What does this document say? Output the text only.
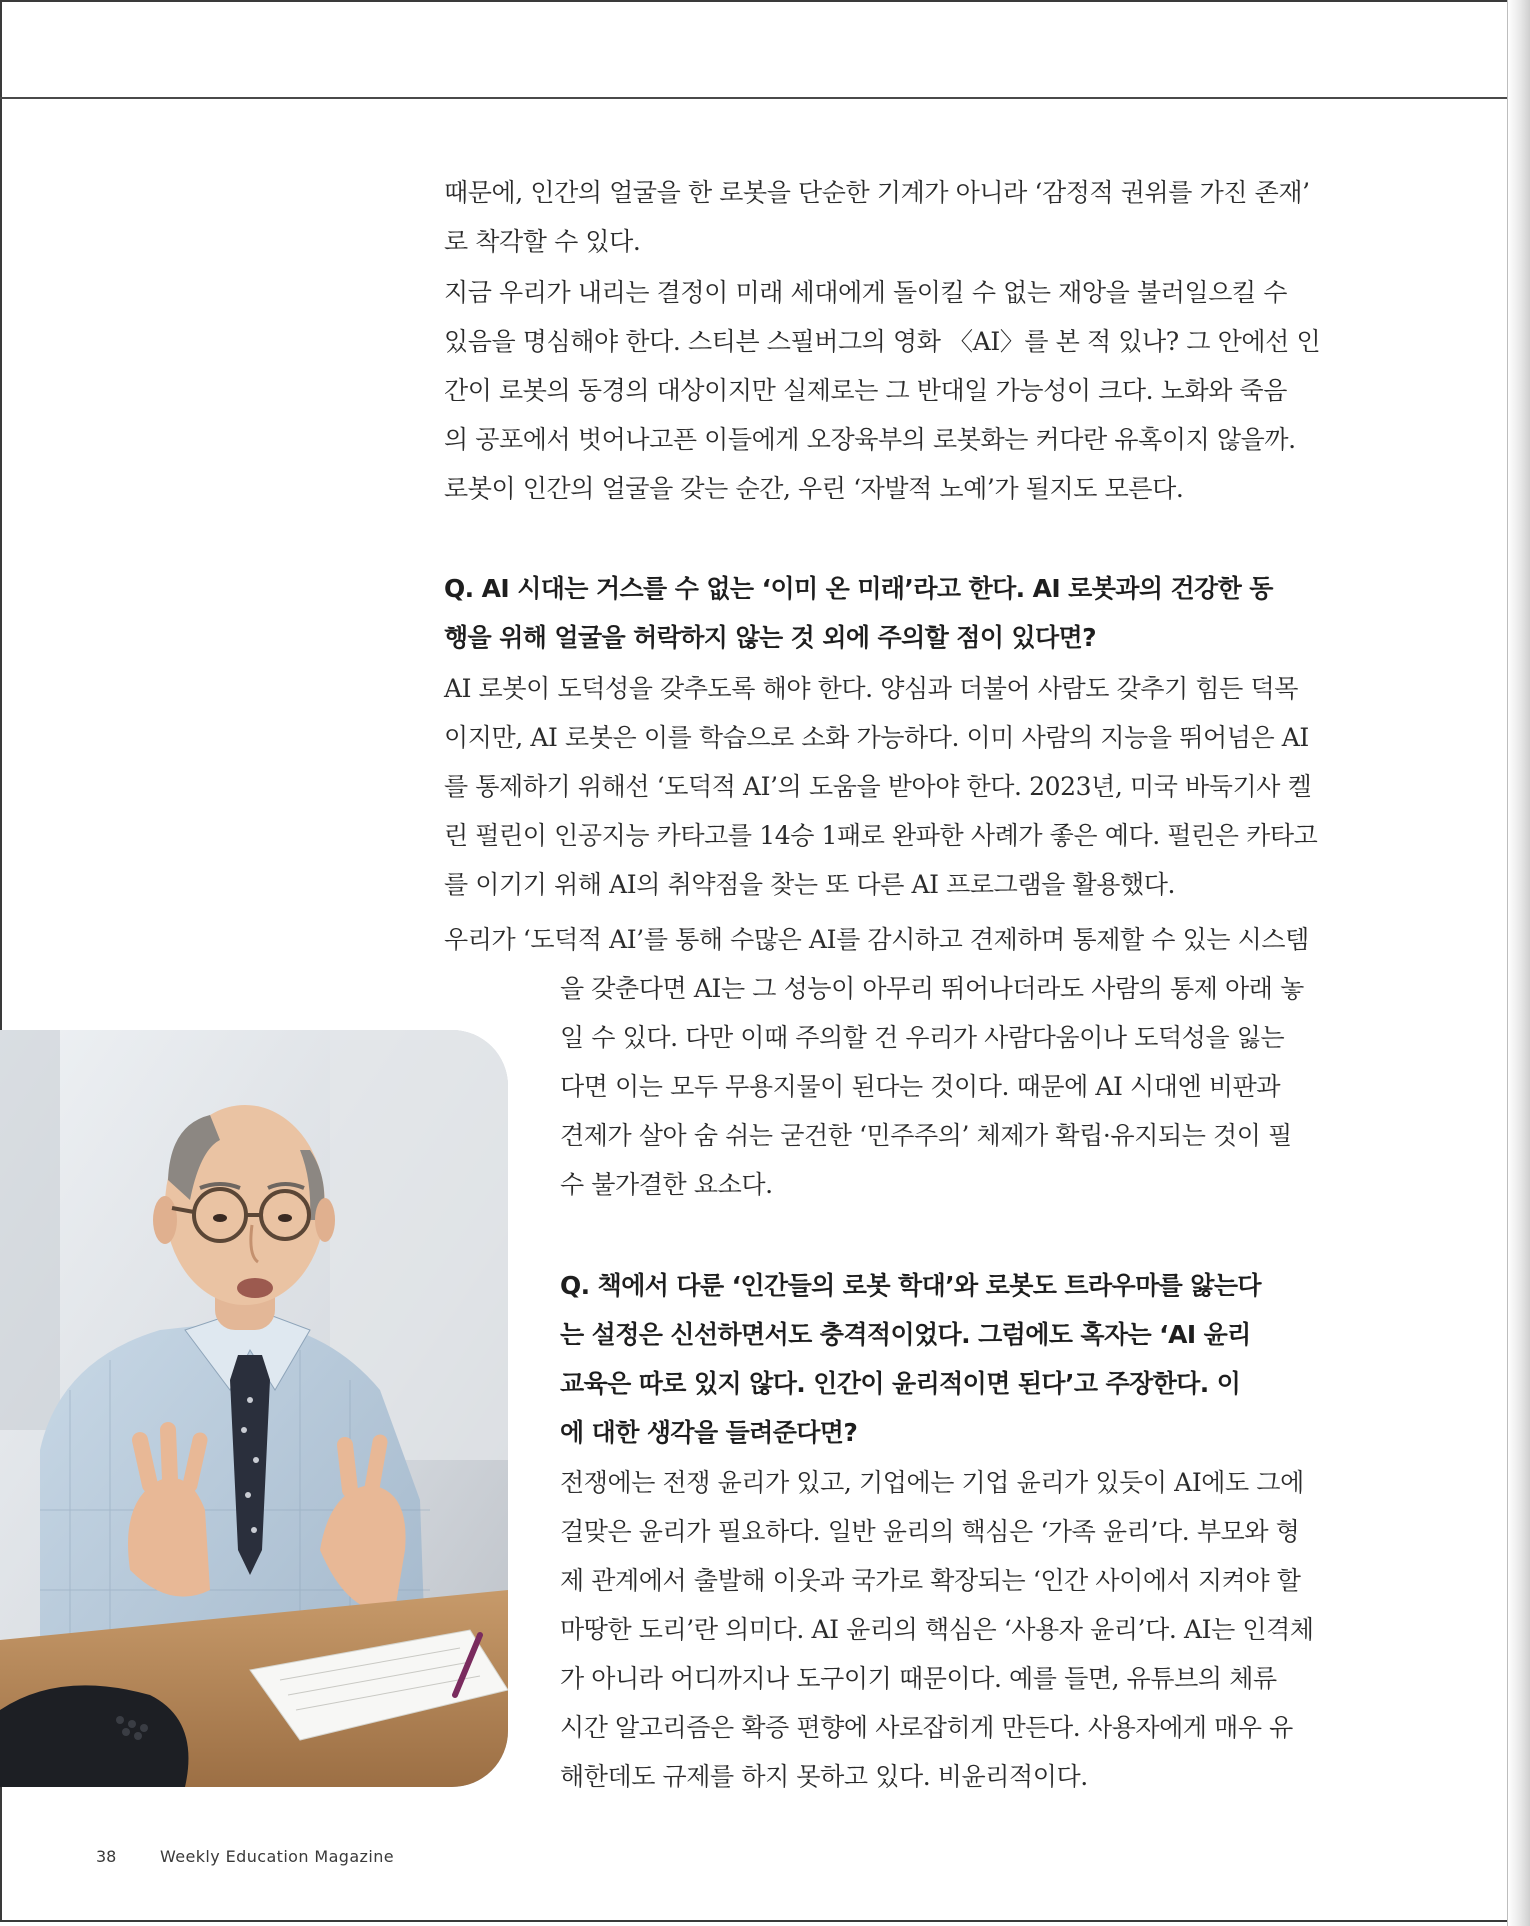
때문에, 인간의 얼굴을 한 로봇을 단순한 기계가 아니라 ‘감정적 권위를 가진 존재’
로 착각할 수 있다.

지금 우리가 내리는 결정이 미래 세대에게 돌이킬 수 없는 재앙을 불러일으킬 수
있음을 명심해야 한다. 스티븐 스필버그의 영화 〈AI〉를 본 적 있나? 그 안에선 인
간이 로봇의 동경의 대상이지만 실제로는 그 반대일 가능성이 크다. 노화와 죽음
의 공포에서 벗어나고픈 이들에게 오장육부의 로봇화는 커다란 유혹이지 않을까.
로봇이 인간의 얼굴을 갖는 순간, 우린 ‘자발적 노예’가 될지도 모른다.

Q. AI 시대는 거스를 수 없는 ‘이미 온 미래’라고 한다. AI 로봇과의 건강한 동
행을 위해 얼굴을 허락하지 않는 것 외에 주의할 점이 있다면?

AI 로봇이 도덕성을 갖추도록 해야 한다. 양심과 더불어 사람도 갖추기 힘든 덕목
이지만, AI 로봇은 이를 학습으로 소화 가능하다. 이미 사람의 지능을 뛰어넘은 AI
를 통제하기 위해선 ‘도덕적 AI’의 도움을 받아야 한다. 2023년, 미국 바둑기사 켈
린 펄린이 인공지능 카타고를 14승 1패로 완파한 사례가 좋은 예다. 펄린은 카타고
를 이기기 위해 AI의 취약점을 찾는 또 다른 AI 프로그램을 활용했다.

우리가 ‘도덕적 AI’를 통해 수많은 AI를 감시하고 견제하며 통제할 수 있는 시스템

을 갖춘다면 AI는 그 성능이 아무리 뛰어나더라도 사람의 통제 아래 놓
일 수 있다. 다만 이때 주의할 건 우리가 사람다움이나 도덕성을 잃는
다면 이는 모두 무용지물이 된다는 것이다. 때문에 AI 시대엔 비판과
견제가 살아 숨 쉬는 굳건한 ‘민주주의’ 체제가 확립·유지되는 것이 필
수 불가결한 요소다.

Q. 책에서 다룬 ‘인간들의 로봇 학대’와 로봇도 트라우마를 앓는다
는 설정은 신선하면서도 충격적이었다. 그럼에도 혹자는 ‘AI 윤리
교육은 따로 있지 않다. 인간이 윤리적이면 된다’고 주장한다. 이
에 대한 생각을 들려준다면?

전쟁에는 전쟁 윤리가 있고, 기업에는 기업 윤리가 있듯이 AI에도 그에
걸맞은 윤리가 필요하다. 일반 윤리의 핵심은 ‘가족 윤리’다. 부모와 형
제 관계에서 출발해 이웃과 국가로 확장되는 ‘인간 사이에서 지켜야 할
마땅한 도리’란 의미다. AI 윤리의 핵심은 ‘사용자 윤리’다. AI는 인격체
가 아니라 어디까지나 도구이기 때문이다. 예를 들면, 유튜브의 체류
시간 알고리즘은 확증 편향에 사로잡히게 만든다. 사용자에게 매우 유
해한데도 규제를 하지 못하고 있다. 비윤리적이다.

38	Weekly Education Magazine
